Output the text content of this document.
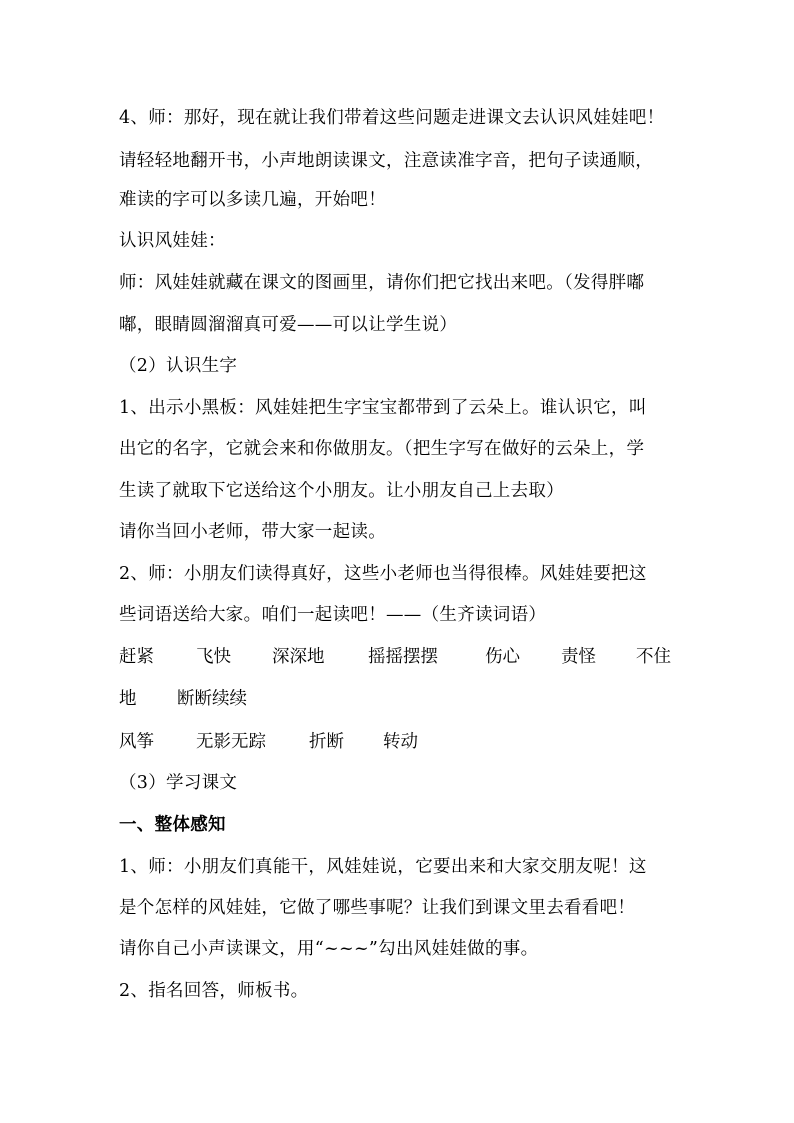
4、师：那好，现在就让我们带着这些问题走进课文去认识风娃娃吧！
请轻轻地翻开书，小声地朗读课文，注意读准字音，把句子读通顺，
难读的字可以多读几遍，开始吧！
认识风娃娃：
师：风娃娃就藏在课文的图画里，请你们把它找出来吧。（发得胖嘟
嘟，眼睛圆溜溜真可爱——可以让学生说）
（2）认识生字
1、出示小黑板：风娃娃把生字宝宝都带到了云朵上。谁认识它，叫
出它的名字，它就会来和你做朋友。（把生字写在做好的云朵上，学
生读了就取下它送给这个小朋友。让小朋友自己上去取）
请你当回小老师，带大家一起读。
2、师：小朋友们读得真好，这些小老师也当得很棒。风娃娃要把这
些词语送给大家。咱们一起读吧！——（生齐读词语）
赶紧 飞快 深深地 摇摇摆摆	伤心 责怪 不住
地 断断续续
风筝 无影无踪 折断 转动
（3）学习课文
一、整体感知
1、师：小朋友们真能干，风娃娃说，它要出来和大家交朋友呢！这
是个怎样的风娃娃，它做了哪些事呢？让我们到课文里去看看吧！
请你自己小声读课文，用“~~~”勾出风娃娃做的事。
2、指名回答，师板书。
